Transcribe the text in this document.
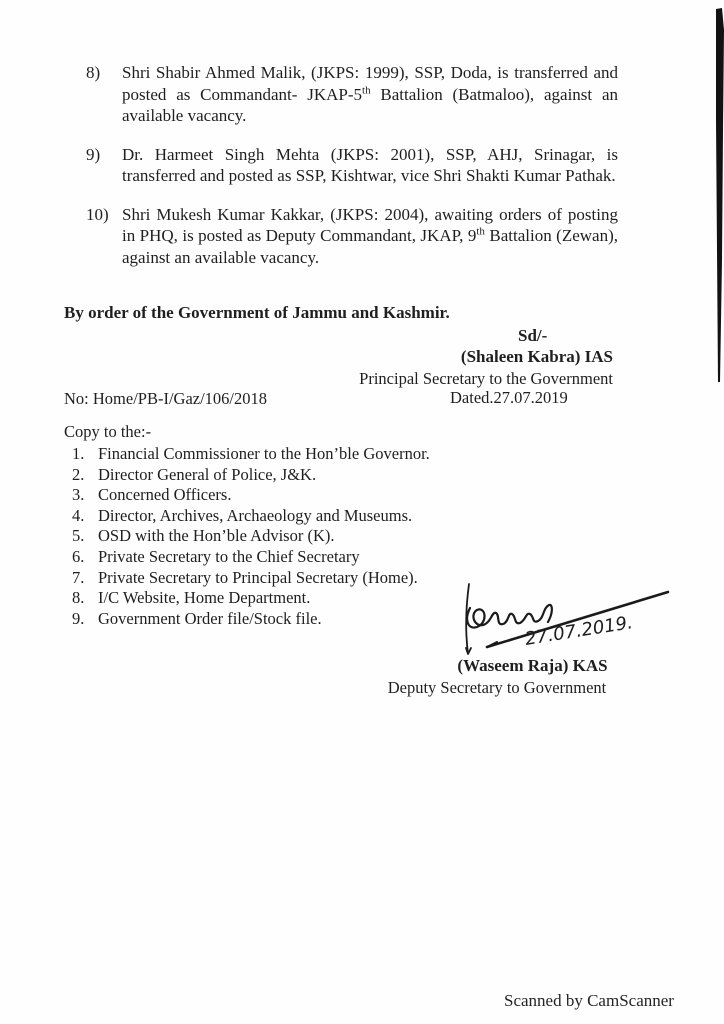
8)	Shri Shabir Ahmed Malik, (JKPS: 1999), SSP, Doda, is transferred and posted as Commandant- JKAP-5th Battalion (Batmaloo), against an available vacancy.

9)	Dr. Harmeet Singh Mehta (JKPS: 2001), SSP, AHJ, Srinagar, is transferred and posted as SSP, Kishtwar, vice Shri Shakti Kumar Pathak.

10) Shri Mukesh Kumar Kakkar, (JKPS: 2004), awaiting orders of posting in PHQ, is posted as Deputy Commandant, JKAP, 9th Battalion (Zewan), against an available vacancy.

By order of the Government of Jammu and Kashmir.
Sd/-
(Shaleen Kabra) IAS
Principal Secretary to the Government
No: Home/PB-I/Gaz/106/2018	Dated.27.07.2019
Copy to the:-
1. Financial Commissioner to the Hon’ble Governor.
2. Director General of Police, J&K.
3. Concerned Officers.
4. Director, Archives, Archaeology and Museums.
5. OSD with the Hon’ble Advisor (K).
6. Private Secretary to the Chief Secretary
7. Private Secretary to Principal Secretary (Home).
8. I/C Website, Home Department.
9. Government Order file/Stock file.	27.07.2019.
(Waseem Raja) KAS
Deputy Secretary to Government
Scanned by CamScanner
